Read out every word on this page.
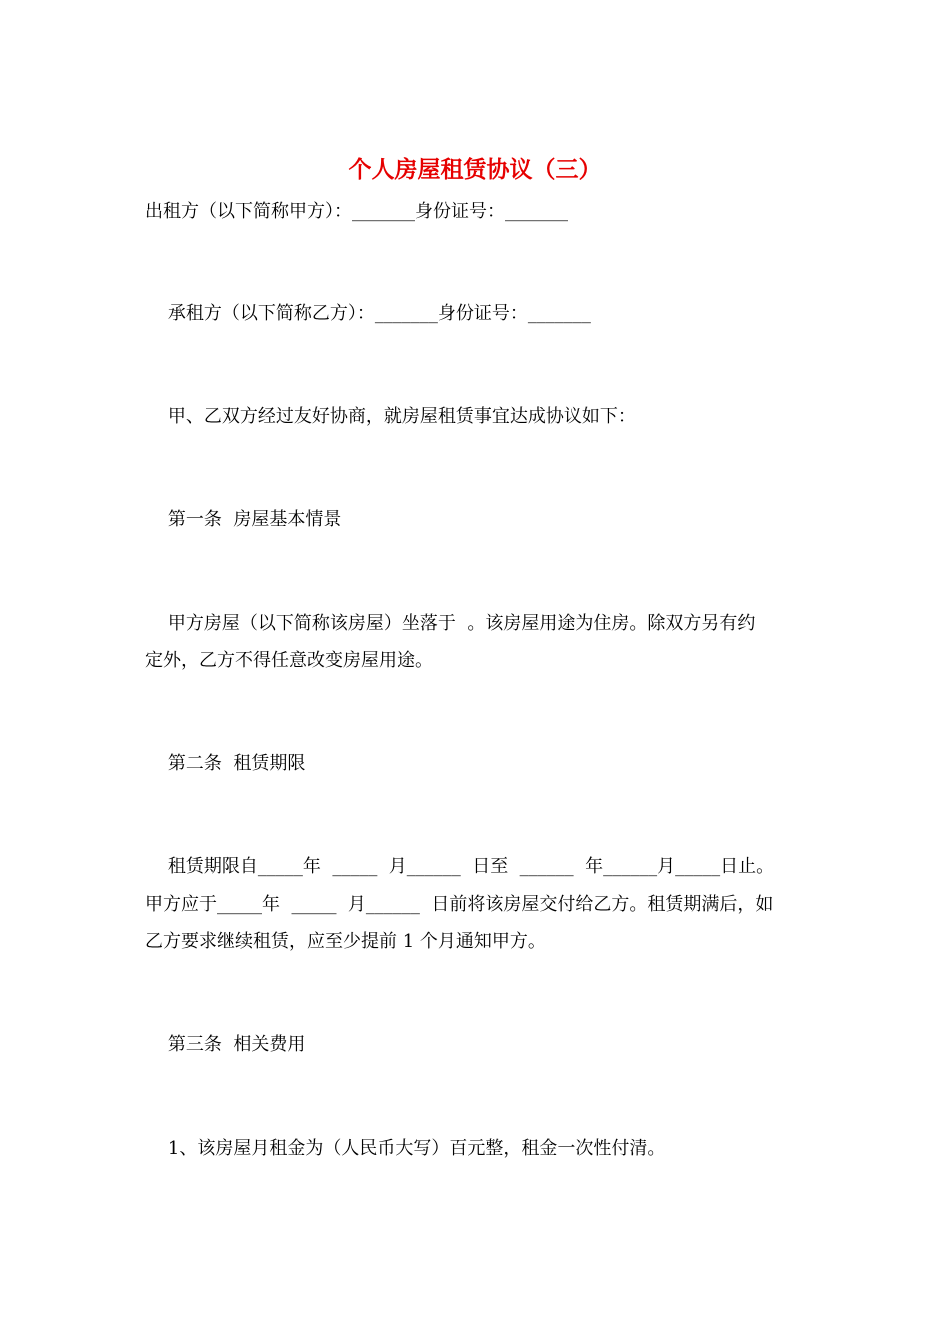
个人房屋租赁协议（三）

出租方（以下简称甲方）：_______身份证号：_______

承租方（以下简称乙方）：_______身份证号：_______

甲、乙双方经过友好协商，就房屋租赁事宜达成协议如下：

第一条  房屋基本情景

甲方房屋（以下简称该房屋）坐落于  。该房屋用途为住房。除双方另有约

定外，乙方不得任意改变房屋用途。

第二条  租赁期限

租赁期限自_____年  _____  月______  日至  ______  年______月_____日止。

甲方应于_____年  _____  月______  日前将该房屋交付给乙方。租赁期满后，如

乙方要求继续租赁，应至少提前 1 个月通知甲方。

第三条  相关费用

1、该房屋月租金为（人民币大写）百元整，租金一次性付清。
